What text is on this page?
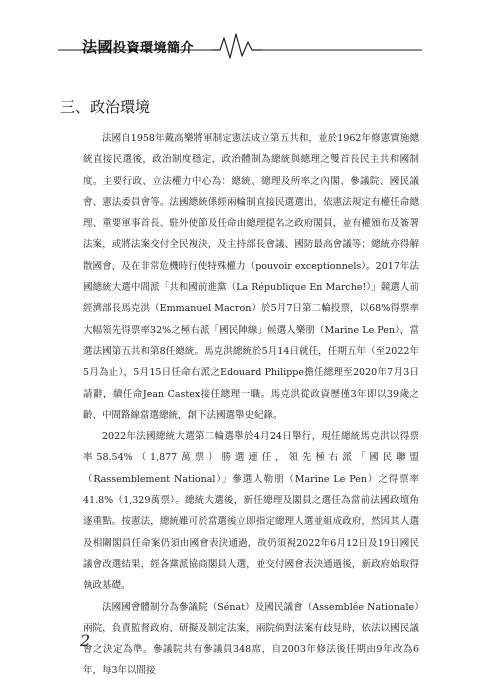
法國投資環境簡介
三、政治環境

法國自1958年戴高樂將軍制定憲法成立第五共和，並於1962年修憲實施總統直接民選後，政治制度穩定，政治體制為總統與總理之雙首長民主共和國制度。主要行政、立法權力中心為：總統、總理及所率之內閣、參議院、國民議會、憲法委員會等。法國總統係經兩輪制直接民選選出，依憲法規定有權任命總理、重要軍事首長、駐外使節及任命由總理提名之政府閣員，並有權頒布及簽署法案，或將法案交付全民複決，及主持部長會議、國防最高會議等；總統亦得解散國會，及在非常危機時行使特殊權力（pouvoir exceptionnels）。2017年法國總統大選中間派「共和國前進黨（La République En Marche!）」競選人前經濟部長馬克洪（Emmanuel Macron）於5月7日第二輪投票，以68%得票率大幅領先得票率32%之極右派「國民陣線」候選人樂朋（Marine Le Pen），當選法國第五共和第8任總統。馬克洪總統於5月14日就任，任期五年（至2022年5月為止），5月15日任命右派之Edouard Philippe擔任總理至2020年7月3日請辭，續任命Jean Castex接任總理一職。馬克洪從政資歷僅3年即以39歲之齡、中間路線當選總統，創下法國選舉史紀錄。

2022年法國總統大選第二輪選舉於4月24日舉行，現任總統馬克洪以得票率58.54%（1,877萬票）勝選連任，領先極右派「國民聯盟（Rassemblement National）」參選人勒朋（Marine Le Pen）之得票率41.8%（1,329萬票）。總統大選後，新任總理及閣員之選任為當前法國政壇角逐重點。按憲法，總統雖可於當選後立即指定總理人選並組成政府，然因其人選及相關閣員任命案仍須由國會表決通過，故仍須視2022年6月12日及19日國民議會改選結果，經各黨派協商閣員人選，並交付國會表決通過後，新政府始取得執政基礎。

法國國會體制分為參議院（Sénat）及國民議會（Assemblée Nationale）兩院，負責監督政府、研擬及制定法案，兩院倘對法案有歧見時，依法以國民議會之決定為準。參議院共有參議員348席，自2003年修法後任期由9年改為6年，每3年以間接

2
